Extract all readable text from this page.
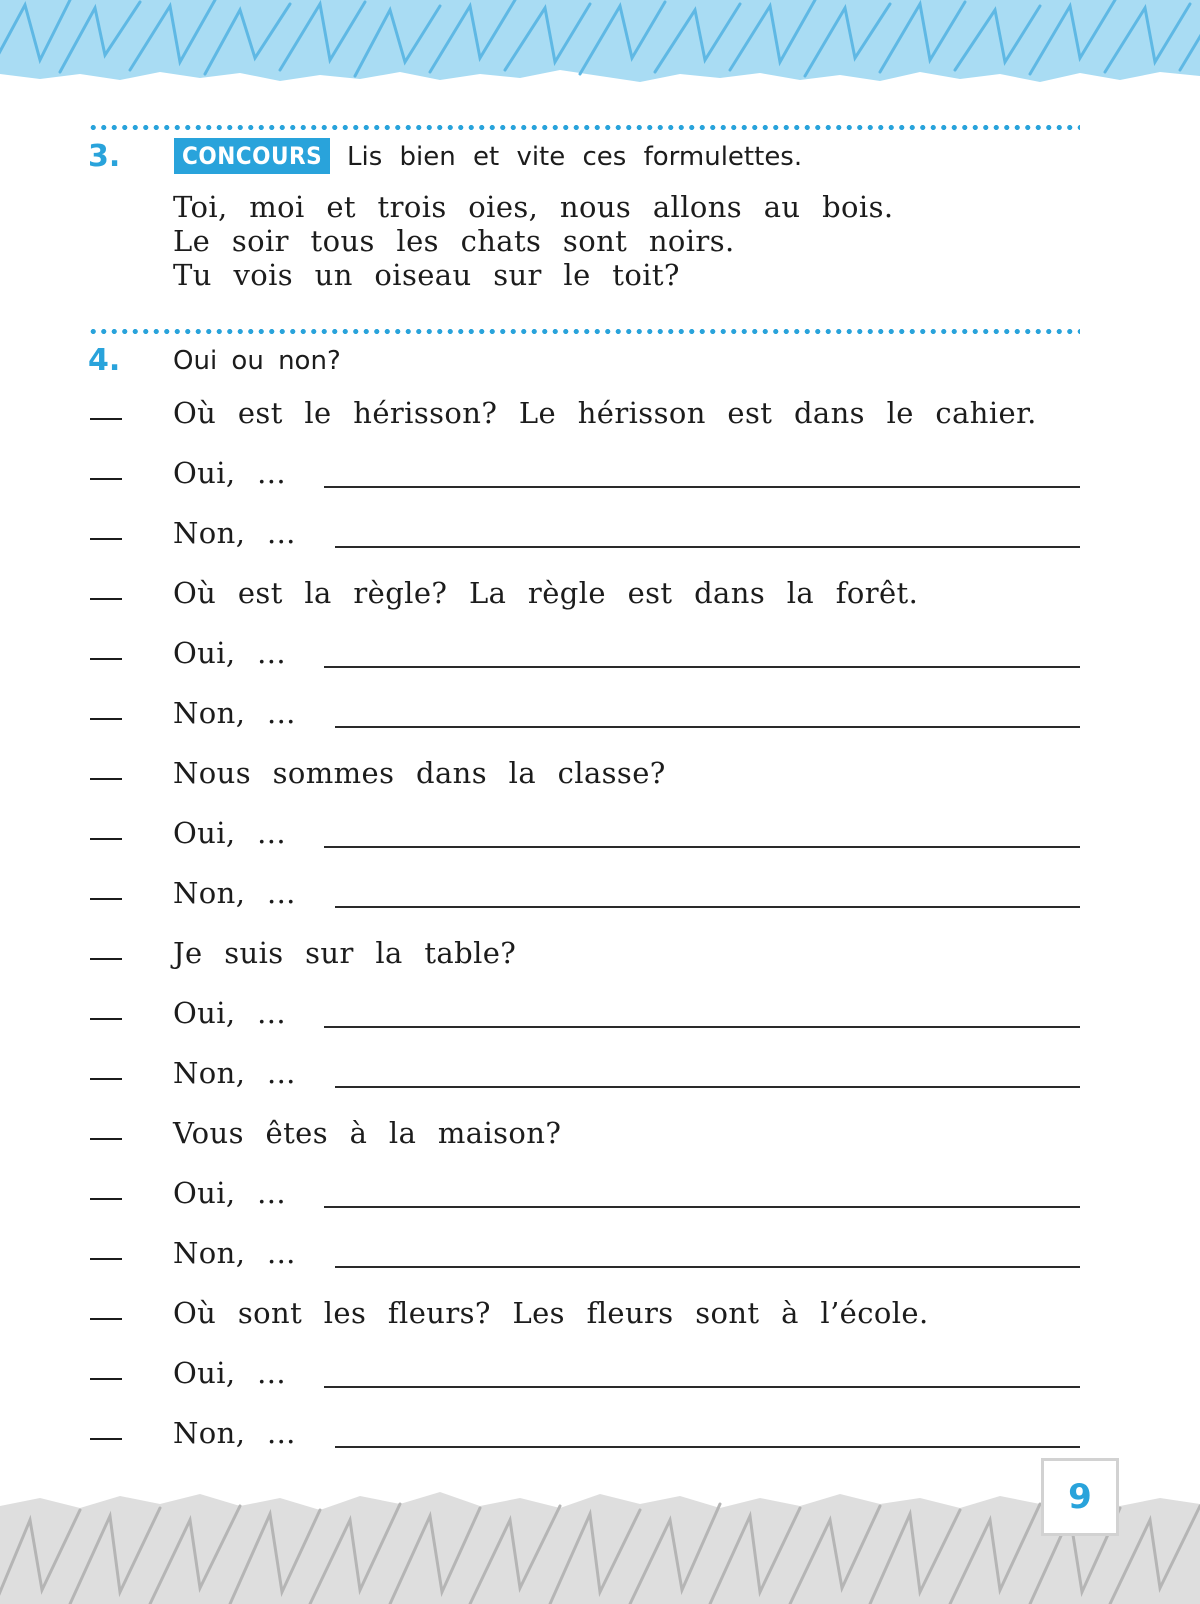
3.	CONCOURS Lis bien et vite ces formulettes.
Toi, moi et trois oies, nous allons au bois.
Le soir tous les chats sont noirs.
Tu vois un oiseau sur le toit?
4. Oui ou non?
Où est le hérisson? Le hérisson est dans le cahier.
Oui, ...
Non, ...
Où est la règle? La règle est dans la forêt.
Oui, ...
Non, ...
Nous sommes dans la classe?
Oui, ...
Non, ...
Je suis sur la table?
Oui, ...
Non, ...
Vous êtes à la maison?
Oui, ...
Non, ...
Où sont les fleurs? Les fleurs sont à l’école.
Oui, ...
Non, ...
9
